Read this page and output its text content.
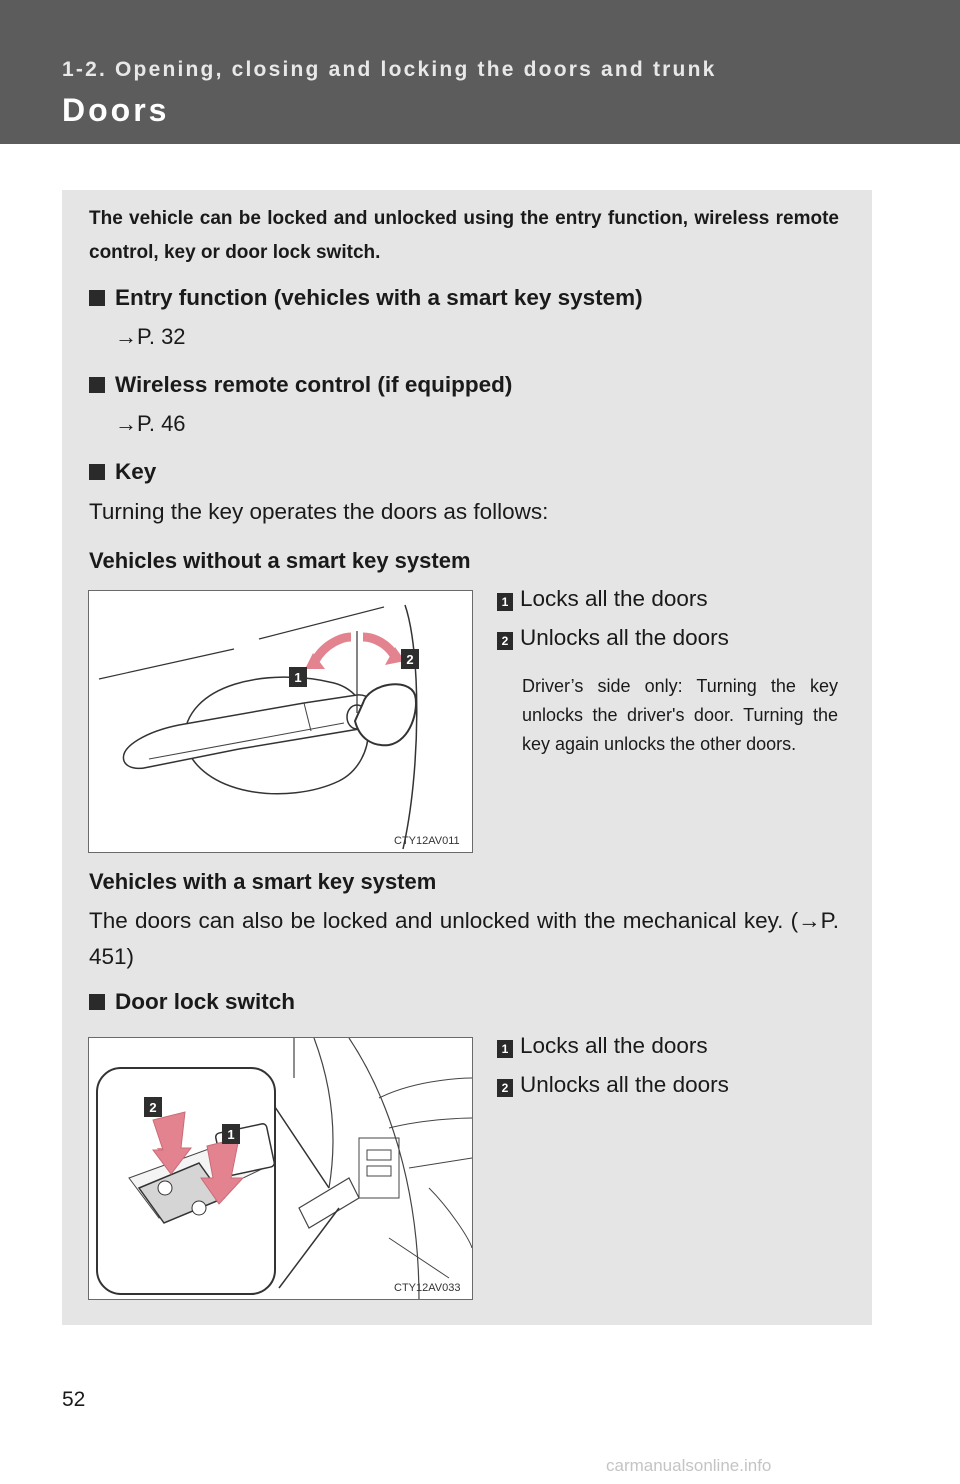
1-2. Opening, closing and locking the doors and trunk
Doors
The vehicle can be locked and unlocked using the entry function, wireless remote control, key or door lock switch.
Entry function (vehicles with a smart key system)
→P. 32
Wireless remote control (if equipped)
→P. 46
Key
Turning the key operates the doors as follows:
Vehicles without a smart key system
1
2
CTY12AV011
1 Locks all the doors
2 Unlocks all the doors
Driver’s side only: Turning the key unlocks the driver's door. Turning the key again unlocks the other doors.
Vehicles with a smart key system
The doors can also be locked and unlocked with the mechanical key. (→P. 451)
Door lock switch
2
1
CTY12AV033
1 Locks all the doors
2 Unlocks all the doors
52
carmanualsonline.info
